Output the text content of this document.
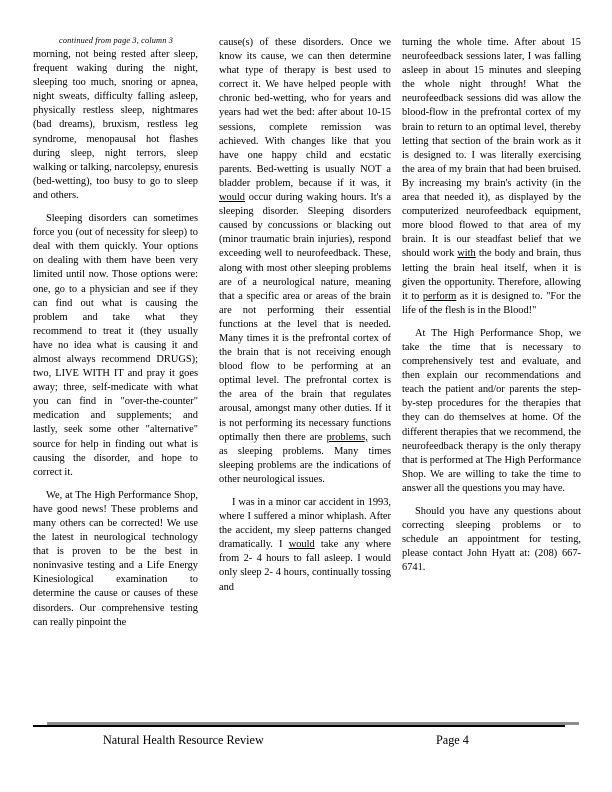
continued from page 3, column 3

morning, not being rested after sleep, frequent waking during the night, sleeping too much, snoring or apnea, night sweats, difficulty falling asleep, physically restless sleep, nightmares (bad dreams), bruxism, restless leg syndrome, menopausal hot flashes during sleep, night terrors, sleep walking or talking, narcolepsy, enuresis (bed-wetting), too busy to go to sleep and others.

Sleeping disorders can sometimes force you (out of necessity for sleep) to deal with them quickly. Your options on dealing with them have been very limited until now. Those options were: one, go to a physician and see if they can find out what is causing the problem and take what they recommend to treat it (they usually have no idea what is causing it and almost always recommend DRUGS); two, LIVE WITH IT and pray it goes away; three, self-medicate with what you can find in "over-the-counter" medication and supplements; and lastly, seek some other "alternative" source for help in finding out what is causing the disorder, and hope to correct it.

We, at The High Performance Shop, have good news! These problems and many others can be corrected! We use the latest in neurological technology that is proven to be the best in noninvasive testing and a Life Energy Kinesiological examination to determine the cause or causes of these disorders. Our comprehensive testing can really pinpoint the

cause(s) of these disorders. Once we know its cause, we can then determine what type of therapy is best used to correct it. We have helped people with chronic bed-wetting, who for years and years had wet the bed: after about 10-15 sessions, complete remission was achieved. With changes like that you have one happy child and ecstatic parents. Bed-wetting is usually NOT a bladder problem, because if it was, it would occur during waking hours. It's a sleeping disorder. Sleeping disorders caused by concussions or blacking out (minor traumatic brain injuries), respond exceeding well to neurofeedback. These, along with most other sleeping problems are of a neurological nature, meaning that a specific area or areas of the brain are not performing their essential functions at the level that is needed. Many times it is the prefrontal cortex of the brain that is not receiving enough blood flow to be performing at an optimal level. The prefrontal cortex is the area of the brain that regulates arousal, amongst many other duties. If it is not performing its necessary functions optimally then there are problems, such as sleeping problems. Many times sleeping problems are the indications of other neurological issues.

I was in a minor car accident in 1993, where I suffered a minor whiplash. After the accident, my sleep patterns changed dramatically. I would take any where from 2- 4 hours to fall asleep. I would only sleep 2- 4 hours, continually tossing and

turning the whole time. After about 15 neurofeedback sessions later, I was falling asleep in about 15 minutes and sleeping the whole night through! What the neurofeedback sessions did was allow the blood-flow in the prefrontal cortex of my brain to return to an optimal level, thereby letting that section of the brain work as it is designed to. I was literally exercising the area of my brain that had been bruised. By increasing my brain's activity (in the area that needed it), as displayed by the computerized neurofeedback equipment, more blood flowed to that area of my brain. It is our steadfast belief that we should work with the body and brain, thus letting the brain heal itself, when it is given the opportunity. Therefore, allowing it to perform as it is designed to. "For the life of the flesh is in the Blood!"

At The High Performance Shop, we take the time that is necessary to comprehensively test and evaluate, and then explain our recommendations and teach the patient and/or parents the step-by-step procedures for the therapies that they can do themselves at home. Of the different therapies that we recommend, the neurofeedback therapy is the only therapy that is performed at The High Performance Shop. We are willing to take the time to answer all the questions you may have.

Should you have any questions about correcting sleeping problems or to schedule an appointment for testing, please contact John Hyatt at: (208) 667-6741.

Natural Health Resource Review	Page 4
